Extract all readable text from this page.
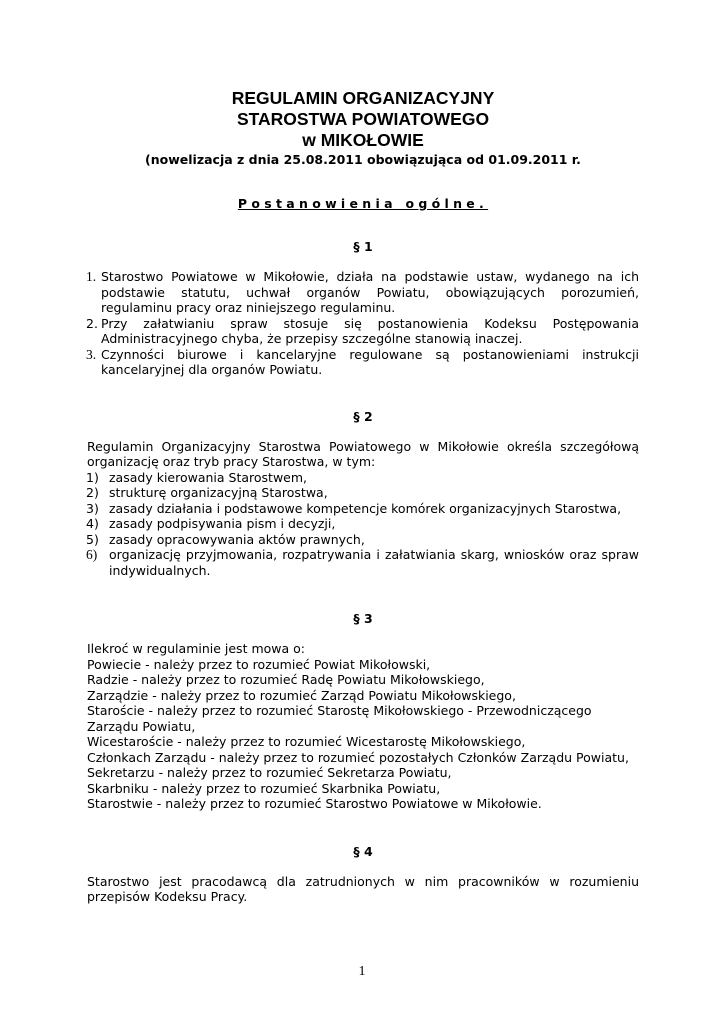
REGULAMIN ORGANIZACYJNY

STAROSTWA POWIATOWEGO

w MIKOŁOWIE

(nowelizacja z dnia 25.08.2011 obowiązująca od 01.09.2011 r.

Postanowienia ogólne.

§ 1

1. Starostwo Powiatowe w Mikołowie, działa na podstawie ustaw, wydanego na ich podstawie statutu, uchwał organów Powiatu, obowiązujących porozumień, regulaminu pracy oraz niniejszego regulaminu.
2. Przy załatwianiu spraw stosuje się postanowienia Kodeksu Postępowania Administracyjnego chyba, że przepisy szczególne stanowią inaczej.
3. Czynności biurowe i kancelaryjne regulowane są postanowieniami instrukcji kancelaryjnej dla organów Powiatu.

§ 2

Regulamin Organizacyjny Starostwa Powiatowego w Mikołowie określa szczegółową organizację oraz tryb pracy Starostwa, w tym:

1) zasady kierowania Starostwem,
2) strukturę organizacyjną Starostwa,
3) zasady działania i podstawowe kompetencje komórek organizacyjnych Starostwa,
4) zasady podpisywania pism i decyzji,
5) zasady opracowywania aktów prawnych,
6) organizację przyjmowania, rozpatrywania i załatwiania skarg, wniosków oraz spraw indywidualnych.

§ 3

Ilekroć w regulaminie jest mowa o:

Powiecie - należy przez to rozumieć Powiat Mikołowski,

Radzie - należy przez to rozumieć Radę Powiatu Mikołowskiego,

Zarządzie - należy przez to rozumieć Zarząd Powiatu Mikołowskiego,

Staroście - należy przez to rozumieć Starostę Mikołowskiego - Przewodniczącego Zarządu Powiatu,

Wicestaroście - należy przez to rozumieć Wicestarostę Mikołowskiego,

Członkach Zarządu - należy przez to rozumieć pozostałych Członków Zarządu Powiatu,

Sekretarzu - należy przez to rozumieć Sekretarza Powiatu,

Skarbniku - należy przez to rozumieć Skarbnika Powiatu,

Starostwie - należy przez to rozumieć Starostwo Powiatowe w Mikołowie.

§ 4

Starostwo jest pracodawcą dla zatrudnionych w nim pracowników w rozumieniu przepisów Kodeksu Pracy.

1
